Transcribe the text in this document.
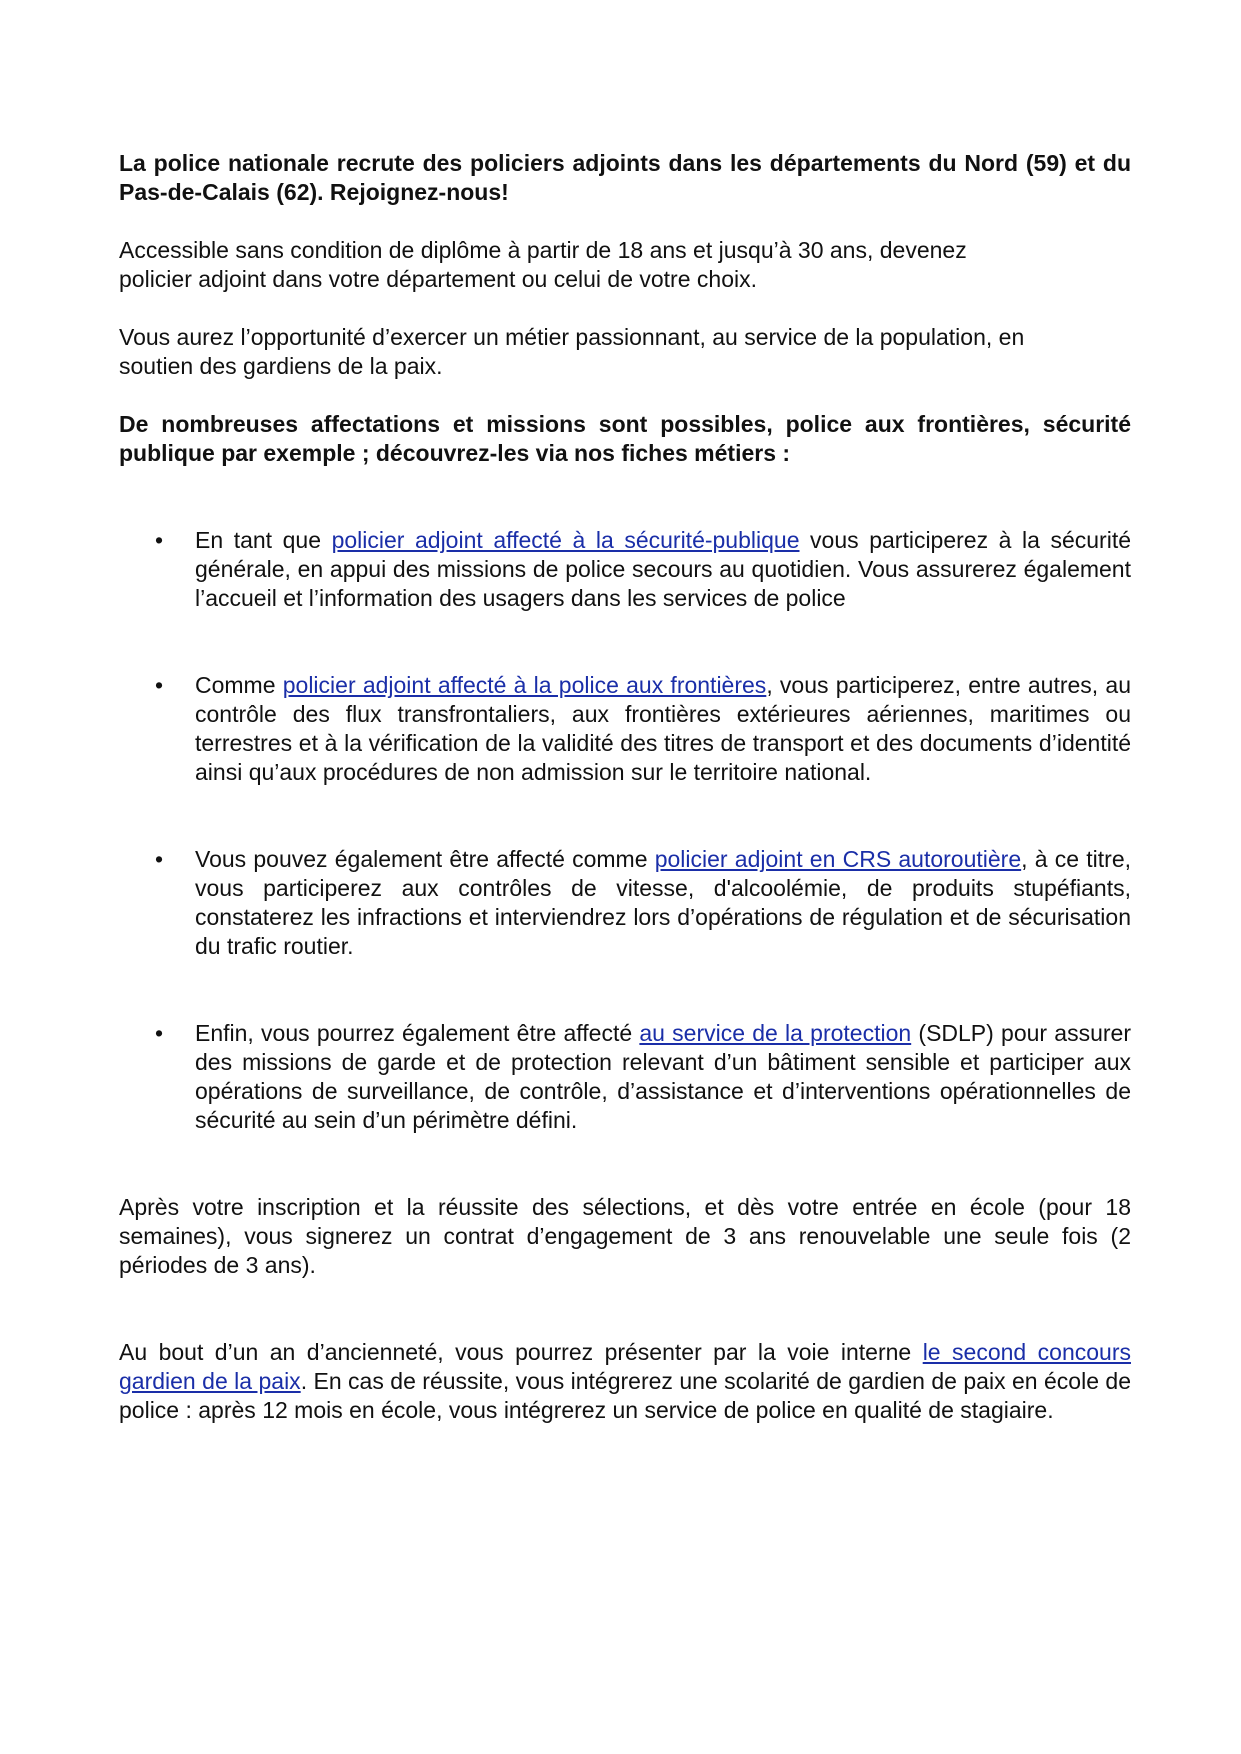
La police nationale recrute des policiers adjoints dans les départements du Nord (59) et du Pas-de-Calais (62). Rejoignez-nous!

Accessible sans condition de diplôme à partir de 18 ans et jusqu’à 30 ans, devenez
policier adjoint dans votre département ou celui de votre choix.

Vous aurez l’opportunité d’exercer un métier passionnant, au service de la population, en
soutien des gardiens de la paix.

De nombreuses affectations et missions sont possibles, police aux frontières, sécurité publique par exemple ; découvrez-les via nos fiches métiers :

• En tant que policier adjoint affecté à la sécurité-publique vous participerez à la sécurité générale, en appui des missions de police secours au quotidien. Vous assurerez également l’accueil et l’information des usagers dans les services de police
• Comme policier adjoint affecté à la police aux frontières, vous participerez, entre autres, au contrôle des flux transfrontaliers, aux frontières extérieures aériennes, maritimes ou terrestres et à la vérification de la validité des titres de transport et des documents d’identité ainsi qu’aux procédures de non admission sur le territoire national.
• Vous pouvez également être affecté comme policier adjoint en CRS autoroutière, à ce titre, vous participerez aux contrôles de vitesse, d'alcoolémie, de produits stupéfiants, constaterez les infractions et interviendrez lors d’opérations de régulation et de sécurisation du trafic routier.
• Enfin, vous pourrez également être affecté au service de la protection (SDLP) pour assurer des missions de garde et de protection relevant d’un bâtiment sensible et participer aux opérations de surveillance, de contrôle, d’assistance et d’interventions opérationnelles de sécurité au sein d’un périmètre défini.

Après votre inscription et la réussite des sélections, et dès votre entrée en école (pour 18 semaines), vous signerez un contrat d’engagement de 3 ans renouvelable une seule fois (2 périodes de 3 ans).

Au bout d’un an d’ancienneté, vous pourrez présenter par la voie interne le second concours gardien de la paix. En cas de réussite, vous intégrerez une scolarité de gardien de paix en école de police : après 12 mois en école, vous intégrerez un service de police en qualité de stagiaire.
